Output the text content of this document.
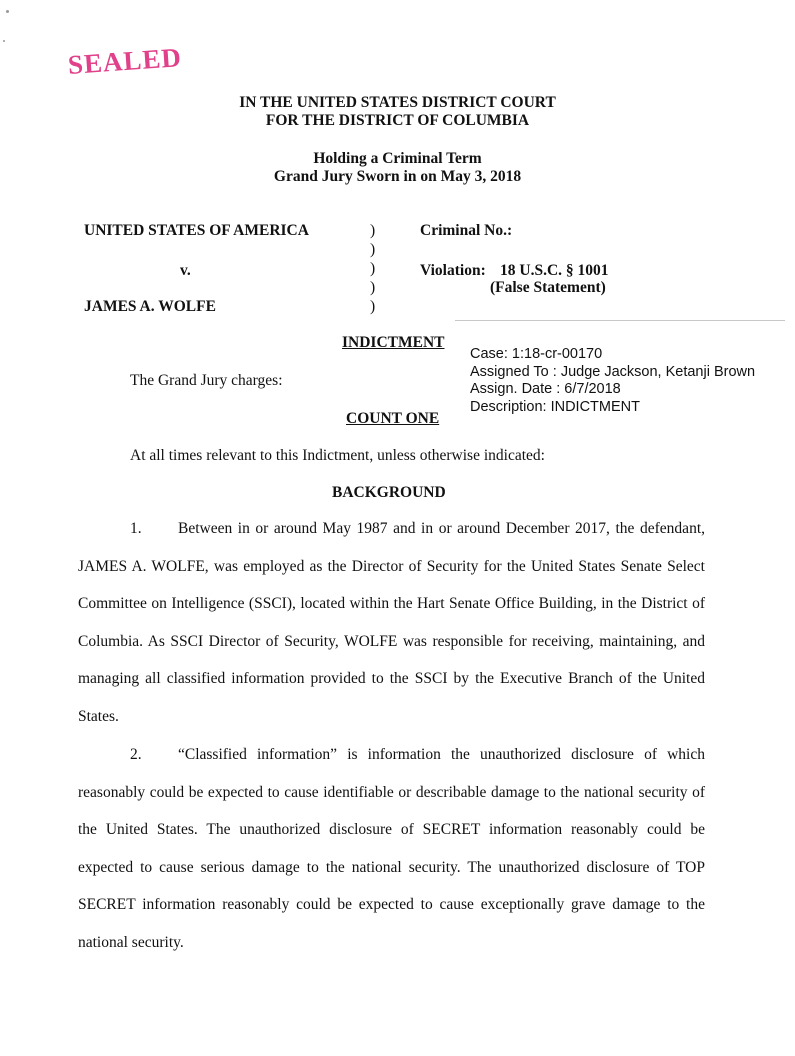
SEALED
IN THE UNITED STATES DISTRICT COURT
FOR THE DISTRICT OF COLUMBIA
Holding a Criminal Term
Grand Jury Sworn in on May 3, 2018
UNITED STATES OF AMERICA
v.
JAMES A. WOLFE
)
)
)
)
)
Criminal No.:
Violation: 18 U.S.C. § 1001
(False Statement)
INDICTMENT
Case: 1:18-cr-00170
Assigned To : Judge Jackson, Ketanji Brown
Assign. Date : 6/7/2018
Description: INDICTMENT
The Grand Jury charges:
COUNT ONE
At all times relevant to this Indictment, unless otherwise indicated:
BACKGROUND
1. Between in or around May 1987 and in or around December 2017, the defendant, JAMES A. WOLFE, was employed as the Director of Security for the United States Senate Select Committee on Intelligence (SSCI), located within the Hart Senate Office Building, in the District of Columbia. As SSCI Director of Security, WOLFE was responsible for receiving, maintaining, and managing all classified information provided to the SSCI by the Executive Branch of the United States.
2. “Classified information” is information the unauthorized disclosure of which reasonably could be expected to cause identifiable or describable damage to the national security of the United States. The unauthorized disclosure of SECRET information reasonably could be expected to cause serious damage to the national security. The unauthorized disclosure of TOP SECRET information reasonably could be expected to cause exceptionally grave damage to the national security.
